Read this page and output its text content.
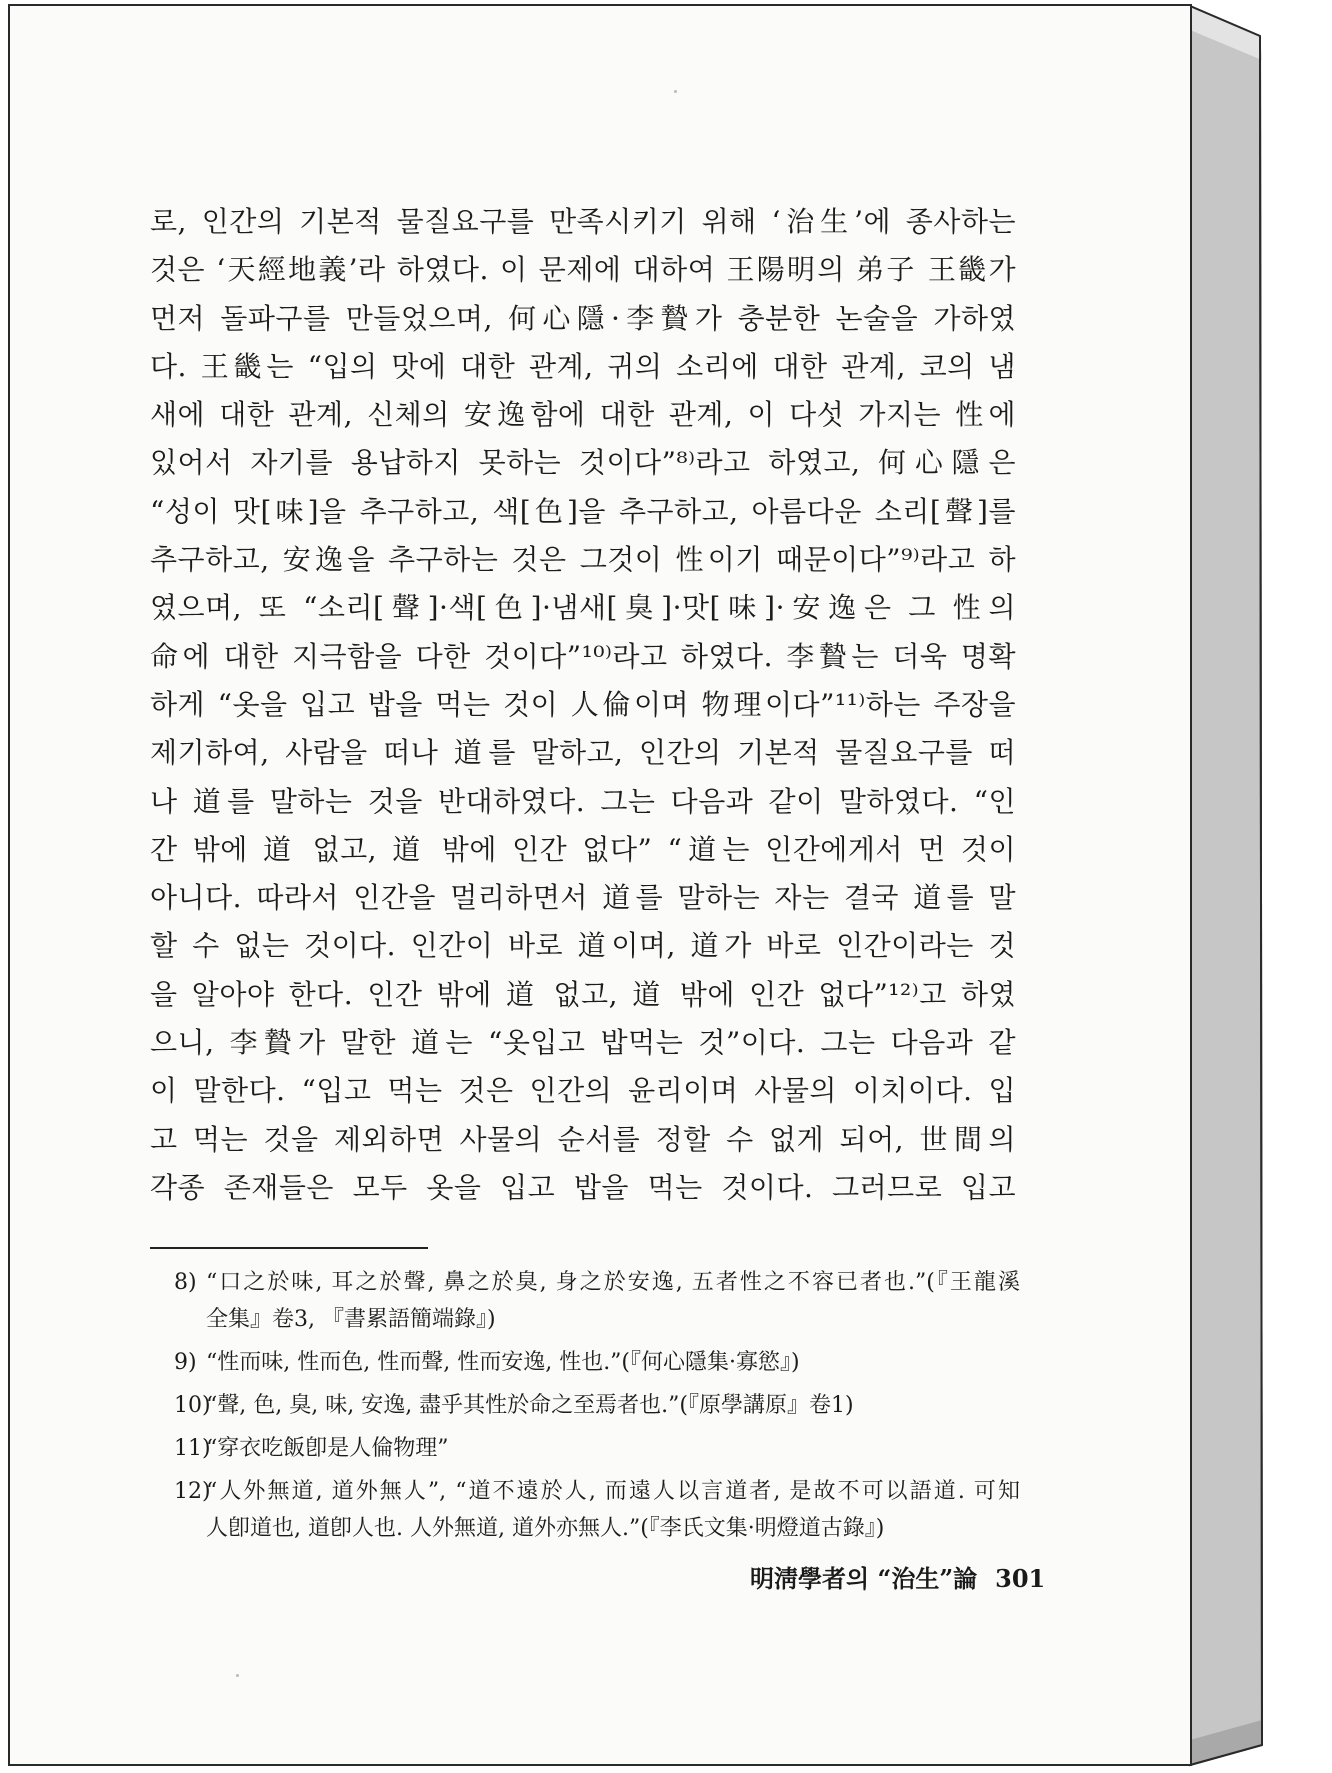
로, 인간의 기본적 물질요구를 만족시키기 위해 ‘治生’에 종사하는
것은 ‘天經地義’라 하였다. 이 문제에 대하여 王陽明의 弟子 王畿가
먼저 돌파구를 만들었으며, 何心隱·李贄가 충분한 논술을 가하였
다. 王畿는 “입의 맛에 대한 관계, 귀의 소리에 대한 관계, 코의 냄
새에 대한 관계, 신체의 安逸함에 대한 관계, 이 다섯 가지는 性에
있어서 자기를 용납하지 못하는 것이다”⁸⁾라고 하였고, 何心隱은
“성이 맛[味]을 추구하고, 색[色]을 추구하고, 아름다운 소리[聲]를
추구하고, 安逸을 추구하는 것은 그것이 性이기 때문이다”⁹⁾라고 하
였으며, 또 “소리[聲]·색[色]·냄새[臭]·맛[味]·安逸은 그 性의
命에 대한 지극함을 다한 것이다”¹⁰⁾라고 하였다. 李贄는 더욱 명확
하게 “옷을 입고 밥을 먹는 것이 人倫이며 物理이다”¹¹⁾하는 주장을
제기하여, 사람을 떠나 道를 말하고, 인간의 기본적 물질요구를 떠
나 道를 말하는 것을 반대하였다. 그는 다음과 같이 말하였다. “인
간 밖에 道 없고, 道 밖에 인간 없다” “道는 인간에게서 먼 것이
아니다. 따라서 인간을 멀리하면서 道를 말하는 자는 결국 道를 말
할 수 없는 것이다. 인간이 바로 道이며, 道가 바로 인간이라는 것
을 알아야 한다. 인간 밖에 道 없고, 道 밖에 인간 없다”¹²⁾고 하였
으니, 李贄가 말한 道는 “옷입고 밥먹는 것”이다. 그는 다음과 같
이 말한다. “입고 먹는 것은 인간의 윤리이며 사물의 이치이다. 입
고 먹는 것을 제외하면 사물의 순서를 정할 수 없게 되어, 世間의
각종 존재들은 모두 옷을 입고 밥을 먹는 것이다. 그러므로 입고
8) “口之於味, 耳之於聲, 鼻之於臭, 身之於安逸, 五者性之不容已者也.”(『王龍溪
全集』卷3, 『書累語簡端錄』)
9) “性而味, 性而色, 性而聲, 性而安逸, 性也.”(『何心隱集·寡慾』)
10)
“聲, 色, 臭, 味, 安逸, 盡乎其性於命之至焉者也.”(『原學講原』卷1)
11)
“穿衣吃飯卽是人倫物理”
12)
“人外無道, 道外無人”, “道不遠於人, 而遠人以言道者, 是故不可以語道. 可知
人卽道也, 道卽人也. 人外無道, 道外亦無人.”(『李氏文集·明燈道古錄』)
明淸學者의 “治生”論 301
